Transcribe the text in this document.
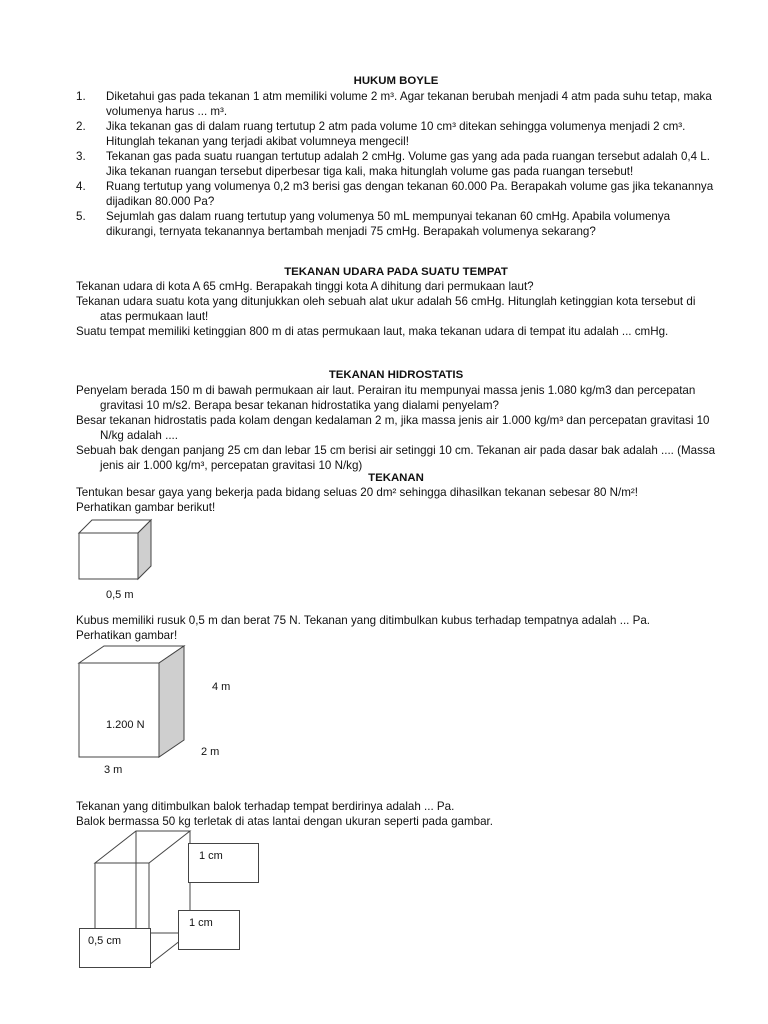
HUKUM BOYLE
1.	Diketahui gas pada tekanan 1 atm memiliki volume 2 m³. Agar tekanan berubah menjadi 4 atm pada suhu tetap, maka volumenya harus ... m³.
2.	Jika tekanan gas di dalam ruang tertutup 2 atm pada volume 10 cm³ ditekan sehingga volumenya menjadi 2 cm³. Hitunglah tekanan yang terjadi akibat volumneya mengecil!
3.	Tekanan gas pada suatu ruangan tertutup adalah 2 cmHg. Volume gas yang ada pada ruangan tersebut adalah 0,4 L. Jika tekanan ruangan tersebut diperbesar tiga kali, maka hitunglah volume gas pada ruangan tersebut!
4.	Ruang tertutup yang volumenya 0,2 m3 berisi gas dengan tekanan 60.000 Pa. Berapakah volume gas jika tekanannya dijadikan 80.000 Pa?
5.	Sejumlah gas dalam ruang tertutup yang volumenya 50 mL mempunyai tekanan 60 cmHg. Apabila volumenya dikurangi, ternyata tekanannya bertambah menjadi 75 cmHg. Berapakah volumenya sekarang?
TEKANAN UDARA PADA SUATU TEMPAT
Tekanan udara di kota A 65 cmHg. Berapakah tinggi kota A dihitung dari permukaan laut?
Tekanan udara suatu kota yang ditunjukkan oleh sebuah alat ukur adalah 56 cmHg. Hitunglah ketinggian kota tersebut di atas permukaan laut!
Suatu tempat memiliki ketinggian 800 m di atas permukaan laut, maka tekanan udara di tempat itu adalah ... cmHg.
TEKANAN HIDROSTATIS
Penyelam berada 150 m di bawah permukaan air laut. Perairan itu mempunyai massa jenis 1.080 kg/m3 dan percepatan gravitasi 10 m/s2. Berapa besar tekanan hidrostatika yang dialami penyelam?
Besar tekanan hidrostatis pada kolam dengan kedalaman 2 m, jika massa jenis air 1.000 kg/m³ dan percepatan gravitasi 10 N/kg adalah ....
Sebuah bak dengan panjang 25 cm dan lebar 15 cm berisi air setinggi 10 cm. Tekanan air pada dasar bak adalah .... (Massa jenis air 1.000 kg/m³, percepatan gravitasi 10 N/kg)
TEKANAN
Tentukan besar gaya yang bekerja pada bidang seluas 20 dm² sehingga dihasilkan tekanan sebesar 80 N/m²!
Perhatikan gambar berikut!
0,5 m
Kubus memiliki rusuk 0,5 m dan berat 75 N. Tekanan yang ditimbulkan kubus terhadap tempatnya adalah ... Pa.
Perhatikan gambar!
4 m
1.200 N
2 m
3 m
Tekanan yang ditimbulkan balok terhadap tempat berdirinya adalah ... Pa.
Balok bermassa 50 kg terletak di atas lantai dengan ukuran seperti pada gambar.
1 cm
1 cm
0,5 cm
